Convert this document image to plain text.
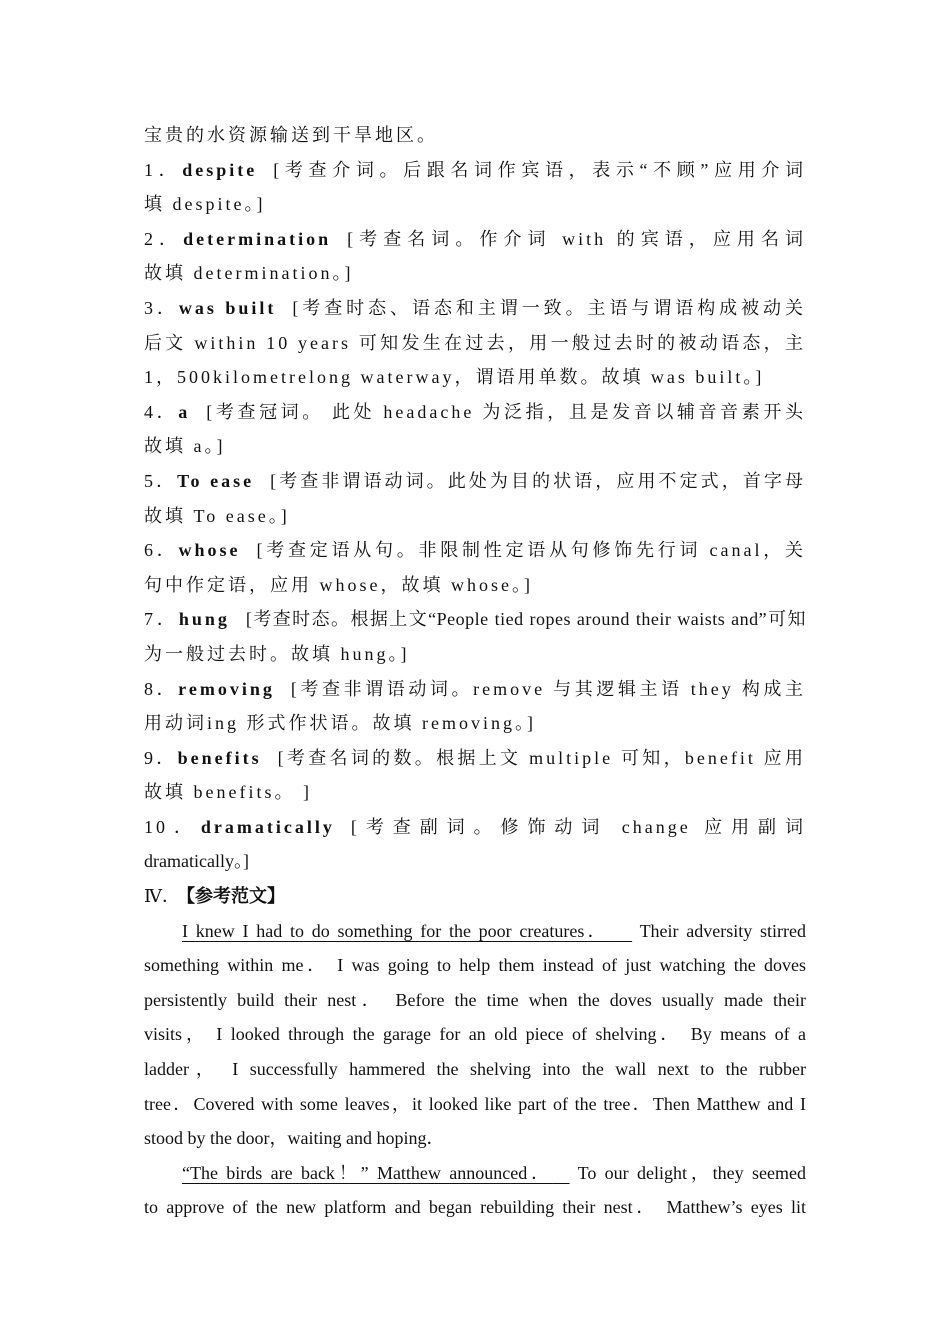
宝贵的水资源输送到干旱地区。
1．despite [考查介词。后跟名词作宾语，表示“不顾”应用介词
填 despite。]
2．determination [考查名词。作介词 with 的宾语，应用名词
故填 determination。]
3．was built [考查时态、语态和主谓一致。主语与谓语构成被动关
后文 within 10 years 可知发生在过去，用一般过去时的被动语态，主
1，500kilometrelong waterway，谓语用单数。故填 was built。]
4．a [考查冠词。 此处 headache 为泛指，且是发音以辅音音素开头
故填 a。]
5．To ease [考查非谓语动词。此处为目的状语，应用不定式，首字母
故填 To ease。]
6．whose [考查定语从句。非限制性定语从句修饰先行词 canal，关
句中作定语，应用 whose，故填 whose。]
7．hung [考查时态。根据上文“People tied ropes around their waists and”可知
为一般过去时。故填 hung。]
8．removing [考查非谓语动词。remove 与其逻辑主语 they 构成主
用动词ing 形式作状语。故填 removing。]
9．benefits [考查名词的数。根据上文 multiple 可知，benefit 应用
故填 benefits。 ]
10．dramatically [考查副词。修饰动词 change 应用副词
dramatically。]
Ⅳ． 【参考范文】
I knew I had to do something for the poor creatures． Their adversity stirred
something within me． I was going to help them instead of just watching the doves
persistently build their nest． Before the time when the doves usually made their
visits， I looked through the garage for an old piece of shelving． By means of a
ladder， I successfully hammered the shelving into the wall next to the rubber
tree．Covered with some leaves，it looked like part of the tree．Then Matthew and I
stood by the door，waiting and hoping．
“The birds are back！” Matthew announced． To our delight，they seemed
to approve of the new platform and began rebuilding their nest． Matthew’s eyes lit
